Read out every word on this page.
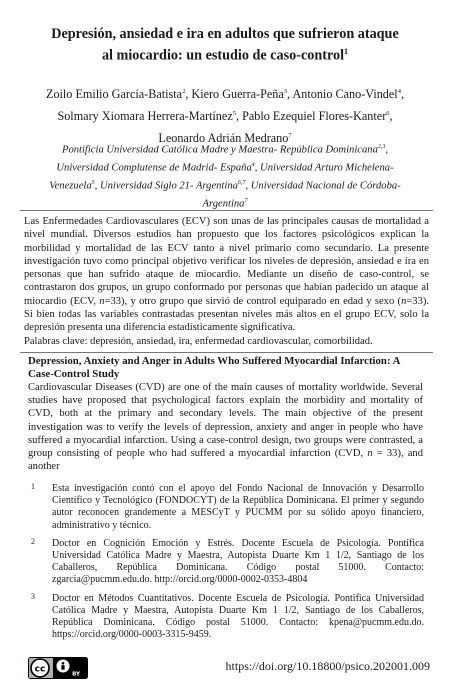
Depresión, ansiedad e ira en adultos que sufrieron ataque
al miocardio: un estudio de caso-control$^1$
Zoilo Emilio García-Batista$^2$, Kiero Guerra-Peña$^3$, Antonio Cano-Vindel$^4$,
Solmary Xiomara Herrera-Martínez$^5$, Pablo Ezequiel Flores-Kanter$^6$,
Leonardo Adrián Medrano$^7$
Pontificia Universidad Católica Madre y Maestra- República Dominicana$^{2,3}$,
Universidad Complutense de Madrid- España$^4$, Universidad Arturo Michelena-
Venezuela$^5$, Universidad Siglo 21- Argentina$^{6,7}$, Universidad Nacional de Córdoba-
Argentina$^7$
Las Enfermedades Cardiovasculares (ECV) son unas de las principales causas de mortalidad a nivel mundial. Diversos estudios han propuesto que los factores psicológicos explican la morbilidad y mortalidad de las ECV tanto a nivel primario como secundario. La presente investigación tuvo como principal objetivo verificar los niveles de depresión, ansiedad e ira en personas que han sufrido ataque de miocardio. Mediante un diseño de caso-control, se contrastaron dos grupos, un grupo conformado por personas que habían padecido un ataque al miocardio (ECV, n=33), y otro grupo que sirvió de control equiparado en edad y sexo (n=33). Si bien todas las variables contrastadas presentan niveles más altos en el grupo ECV, solo la depresión presenta una diferencia estadísticamente significativa.
Palabras clave: depresión, ansiedad, ira, enfermedad cardiovascular, comorbilidad.
Depression, Anxiety and Anger in Adults Who Suffered Myocardial Infarction: A Case-Control Study
Cardiovascular Diseases (CVD) are one of the main causes of mortality worldwide. Several studies have proposed that psychological factors explain the morbidity and mortality of CVD, both at the primary and secondary levels. The main objective of the present investigation was to verify the levels of depression, anxiety and anger in people who have suffered a myocardial infarction. Using a case-control design, two groups were contrasted, a group consisting of people who had suffered a myocardial infarction (CVD, n = 33), and another
1 Esta investigación contó con el apoyo del Fondo Nacional de Innovación y Desarrollo Científico y Tecnológico (FONDOCYT) de la República Dominicana. El primer y segundo autor reconocen grandemente a MESCyT y PUCMM por su sólido apoyo financiero, administrativo y técnico.
2 Doctor en Cognición Emoción y Estrés. Docente Escuela de Psicología. Pontifica Universidad Católica Madre y Maestra, Autopista Duarte Km 1 1/2, Santiago de los Caballeros, República Dominicana. Código postal 51000. Contacto: zgarcia@pucmm.edu.do. http://orcid.org/0000-0002-0353-4804
3 Doctor en Métodos Cuantitativos. Docente Escuela de Psicología. Pontifica Universidad Católica Madre y Maestra, Autopista Duarte Km 1 1/2, Santiago de los Caballeros, República Dominicana. Código postal 51000. Contacto: kpena@pucmm.edu.do. https://orcid.org/0000-0003-3315-9459.
cc	BY
https://doi.org/10.18800/psico.202001.009
